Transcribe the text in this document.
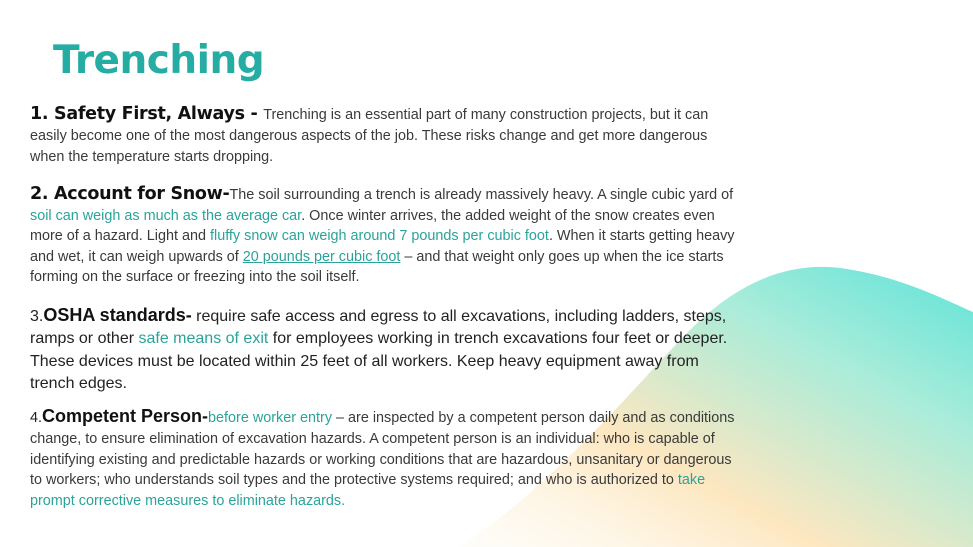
Trenching

1. Safety First, Always - Trenching is an essential part of many construction projects, but it can easily become one of the most dangerous aspects of the job. These risks change and get more dangerous when the temperature starts dropping.

2. Account for Snow-The soil surrounding a trench is already massively heavy. A single cubic yard of soil can weigh as much as the average car. Once winter arrives, the added weight of the snow creates even more of a hazard. Light and fluffy snow can weigh around 7 pounds per cubic foot. When it starts getting heavy and wet, it can weigh upwards of 20 pounds per cubic foot – and that weight only goes up when the ice starts forming on the surface or freezing into the soil itself.

3.OSHA standards- require safe access and egress to all excavations, including ladders, steps, ramps or other safe means of exit for employees working in trench excavations four feet or deeper. These devices must be located within 25 feet of all workers. Keep heavy equipment away from trench edges.

4.Competent Person-before worker entry – are inspected by a competent person daily and as conditions change, to ensure elimination of excavation hazards. A competent person is an individual: who is capable of identifying existing and predictable hazards or working conditions that are hazardous, unsanitary or dangerous to workers; who understands soil types and the protective systems required; and who is authorized to take prompt corrective measures to eliminate hazards.
